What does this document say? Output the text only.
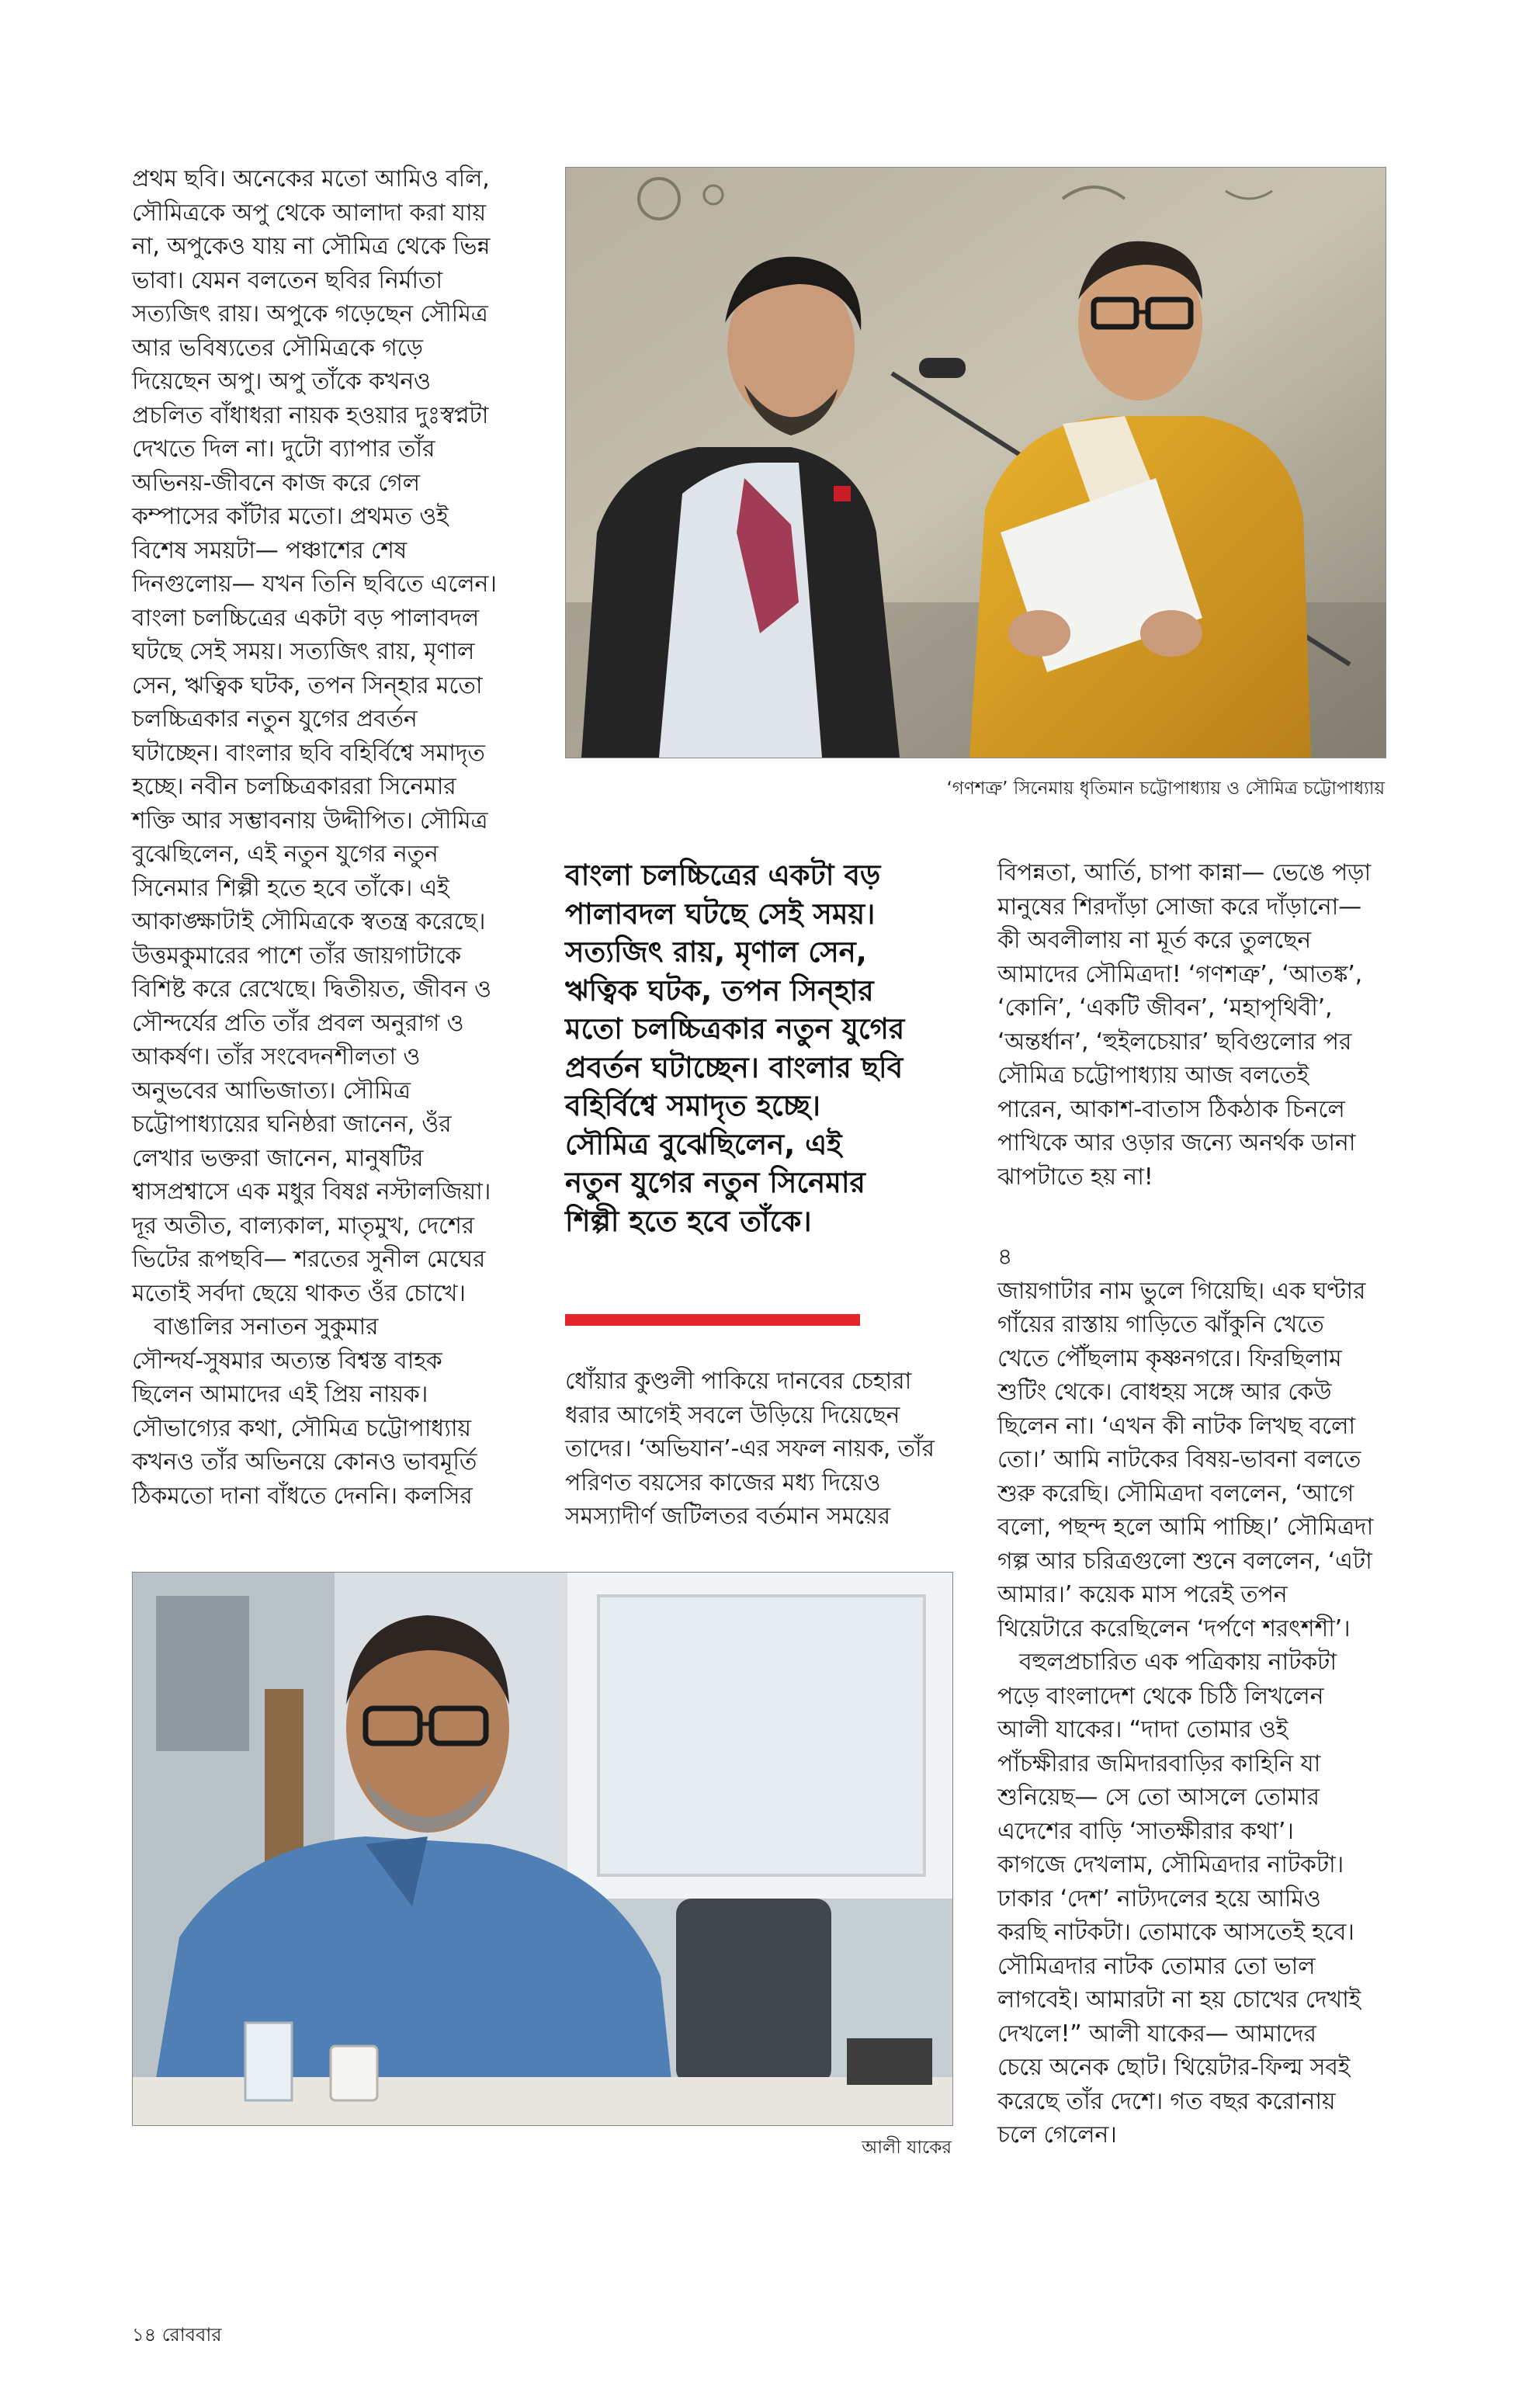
প্রথম ছবি। অনেকের মতো আমিও বলি,
সৌমিত্রকে অপু থেকে আলাদা করা যায়
না, অপুকেও যায় না সৌমিত্র থেকে ভিন্ন
ভাবা। যেমন বলতেন ছবির নির্মাতা
সত্যজিৎ রায়। অপুকে গড়েছেন সৌমিত্র
আর ভবিষ্যতের সৌমিত্রকে গড়ে
দিয়েছেন অপু। অপু তাঁকে কখনও
প্রচলিত বাঁধাধরা নায়ক হওয়ার দুঃস্বপ্নটা
দেখতে দিল না। দুটো ব্যাপার তাঁর
অভিনয়-জীবনে কাজ করে গেল
কম্পাসের কাঁটার মতো। প্রথমত ওই
বিশেষ সময়টা— পঞ্চাশের শেষ
দিনগুলোয়— যখন তিনি ছবিতে এলেন।
বাংলা চলচ্চিত্রের একটা বড় পালাবদল
ঘটছে সেই সময়। সত্যজিৎ রায়, মৃণাল
সেন, ঋত্বিক ঘটক, তপন সিন্‌হার মতো
চলচ্চিত্রকার নতুন যুগের প্রবর্তন
ঘটাচ্ছেন। বাংলার ছবি বহির্বিশ্বে সমাদৃত
হচ্ছে। নবীন চলচ্চিত্রকাররা সিনেমার
শক্তি আর সম্ভাবনায় উদ্দীপিত। সৌমিত্র
বুঝেছিলেন, এই নতুন যুগের নতুন
সিনেমার শিল্পী হতে হবে তাঁকে। এই
আকাঙ্ক্ষাটাই সৌমিত্রকে স্বতন্ত্র করেছে।
উত্তমকুমারের পাশে তাঁর জায়গাটাকে
বিশিষ্ট করে রেখেছে। দ্বিতীয়ত, জীবন ও
সৌন্দর্যের প্রতি তাঁর প্রবল অনুরাগ ও
আকর্ষণ। তাঁর সংবেদনশীলতা ও
অনুভবের আভিজাত্য। সৌমিত্র
চট্টোপাধ্যায়ের ঘনিষ্ঠরা জানেন, ওঁর
লেখার ভক্তরা জানেন, মানুষটির
শ্বাসপ্রশ্বাসে এক মধুর বিষণ্ণ নস্টালজিয়া।
দূর অতীত, বাল্যকাল, মাতৃমুখ, দেশের
ভিটের রূপছবি— শরতের সুনীল মেঘের
মতোই সর্বদা ছেয়ে থাকত ওঁর চোখে।
বাঙালির সনাতন সুকুমার
সৌন্দর্য-সুষমার অত্যন্ত বিশ্বস্ত বাহক
ছিলেন আমাদের এই প্রিয় নায়ক।
সৌভাগ্যের কথা, সৌমিত্র চট্টোপাধ্যায়
কখনও তাঁর অভিনয়ে কোনও ভাবমূর্তি
ঠিকমতো দানা বাঁধতে দেননি। কলসির
‘গণশত্রু’ সিনেমায় ধৃতিমান চট্টোপাধ্যায় ও সৌমিত্র চট্টোপাধ্যায়
বাংলা চলচ্চিত্রের একটা বড়
পালাবদল ঘটছে সেই সময়।
সত্যজিৎ রায়, মৃণাল সেন,
ঋত্বিক ঘটক, তপন সিন্‌হার
মতো চলচ্চিত্রকার নতুন যুগের
প্রবর্তন ঘটাচ্ছেন। বাংলার ছবি
বহির্বিশ্বে সমাদৃত হচ্ছে।
সৌমিত্র বুঝেছিলেন, এই
নতুন যুগের নতুন সিনেমার
শিল্পী হতে হবে তাঁকে।
ধোঁয়ার কুণ্ডলী পাকিয়ে দানবের চেহারা
ধরার আগেই সবলে উড়িয়ে দিয়েছেন
তাদের। ‘অভিযান’-এর সফল নায়ক, তাঁর
পরিণত বয়সের কাজের মধ্য দিয়েও
সমস্যাদীর্ণ জটিলতর বর্তমান সময়ের
বিপন্নতা, আর্তি, চাপা কান্না— ভেঙে পড়া
মানুষের শিরদাঁড়া সোজা করে দাঁড়ানো—
কী অবলীলায় না মূর্ত করে তুলছেন
আমাদের সৌমিত্রদা! ‘গণশত্রু’, ‘আতঙ্ক’,
‘কোনি’, ‘একটি জীবন’, ‘মহাপৃথিবী’,
‘অন্তর্ধান’, ‘হুইলচেয়ার’ ছবিগুলোর পর
সৌমিত্র চট্টোপাধ্যায় আজ বলতেই
পারেন, আকাশ-বাতাস ঠিকঠাক চিনলে
পাখিকে আর ওড়ার জন্যে অনর্থক ডানা
ঝাপটাতে হয় না!
৪
জায়গাটার নাম ভুলে গিয়েছি। এক ঘণ্টার
গাঁয়ের রাস্তায় গাড়িতে ঝাঁকুনি খেতে
খেতে পৌঁছলাম কৃষ্ণনগরে। ফিরছিলাম
শুটিং থেকে। বোধহয় সঙ্গে আর কেউ
ছিলেন না। ‘এখন কী নাটক লিখছ বলো
তো।’ আমি নাটকের বিষয়-ভাবনা বলতে
শুরু করেছি। সৌমিত্রদা বললেন, ‘আগে
বলো, পছন্দ হলে আমি পাচ্ছি।’ সৌমিত্রদা
গল্প আর চরিত্রগুলো শুনে বললেন, ‘এটা
আমার।’ কয়েক মাস পরেই তপন
থিয়েটারে করেছিলেন ‘দর্পণে শরৎশশী’।
বহুলপ্রচারিত এক পত্রিকায় নাটকটা
পড়ে বাংলাদেশ থেকে চিঠি লিখলেন
আলী যাকের। “দাদা তোমার ওই
পাঁচক্ষীরার জমিদারবাড়ির কাহিনি যা
শুনিয়েছ— সে তো আসলে তোমার
এদেশের বাড়ি ‘সাতক্ষীরার কথা’।
কাগজে দেখলাম, সৌমিত্রদার নাটকটা।
ঢাকার ‘দেশ’ নাট্যদলের হয়ে আমিও
করছি নাটকটা। তোমাকে আসতেই হবে।
সৌমিত্রদার নাটক তোমার তো ভাল
লাগবেই। আমারটা না হয় চোখের দেখাই
দেখলে!” আলী যাকের— আমাদের
চেয়ে অনেক ছোট। থিয়েটার-ফিল্ম সবই
করেছে তাঁর দেশে। গত বছর করোনায়
চলে গেলেন।
আলী যাকের
১৪ রোববার
